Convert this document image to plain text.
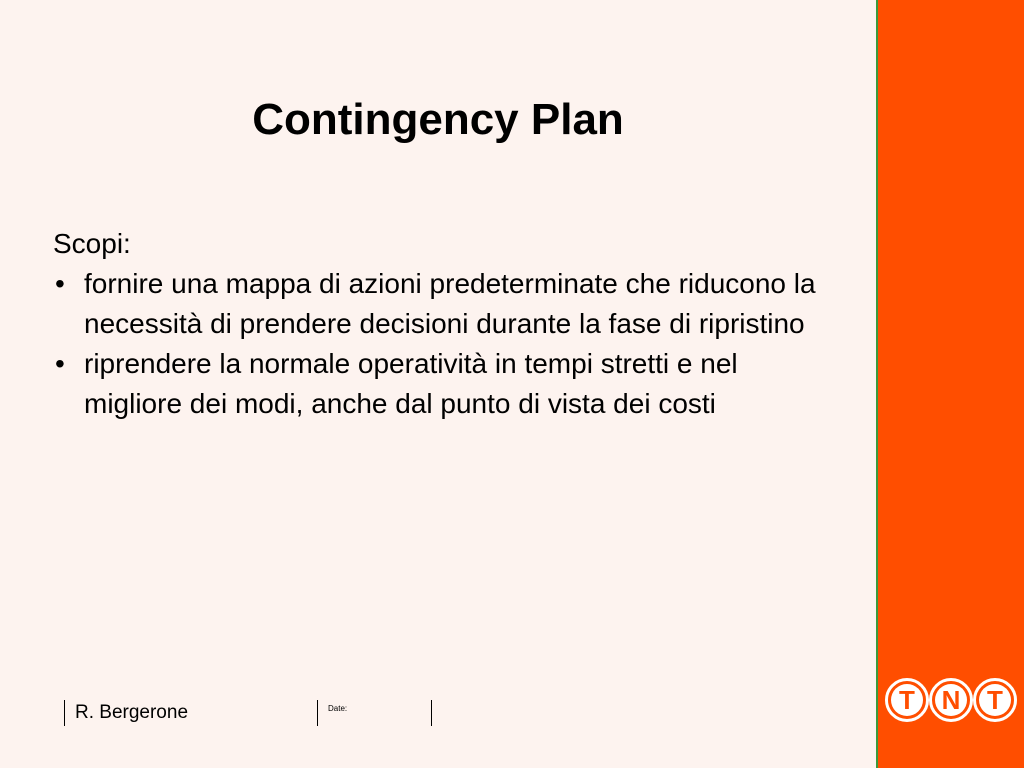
Contingency Plan

Scopi:

• fornire una mappa di azioni predeterminate che riducono la necessità di prendere decisioni durante la fase di ripristino
• riprendere la normale operatività in tempi stretti e nel migliore dei modi, anche dal punto di vista dei costi
T	N	T
R. Bergerone	Date:
